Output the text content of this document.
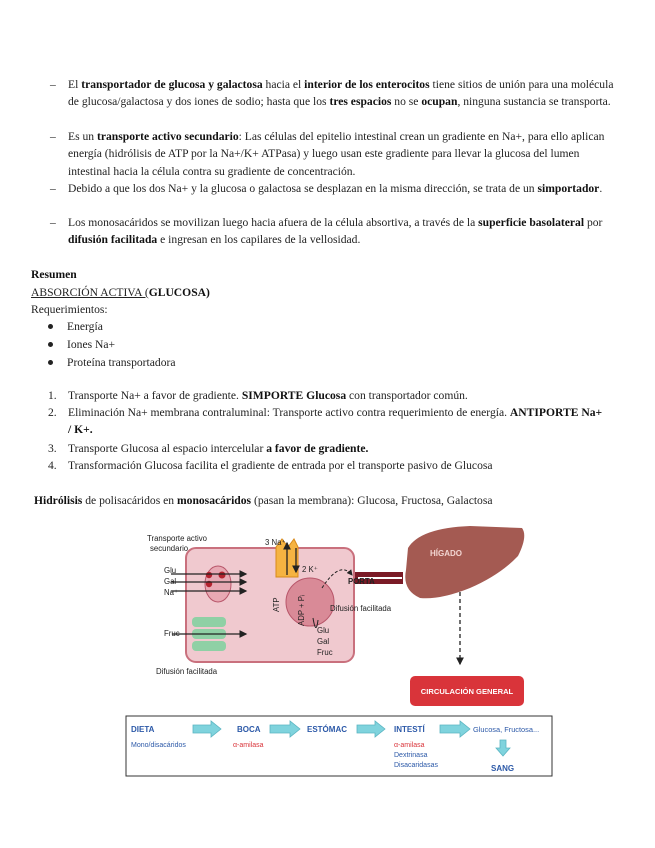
– El transportador de glucosa y galactosa hacia el interior de los enterocitos tiene sitios de unión para una molécula de glucosa/galactosa y dos iones de sodio; hasta que los tres espacios no se ocupan, ninguna sustancia se transporta.
– Es un transporte activo secundario: Las células del epitelio intestinal crean un gradiente en Na+, para ello aplican energía (hidrólisis de ATP por la Na+/K+ ATPasa) y luego usan este gradiente para llevar la glucosa del lumen intestinal hacia la célula contra su gradiente de concentración.
– Debido a que los dos Na+ y la glucosa o galactosa se desplazan en la misma dirección, se trata de un simportador.
– Los monosacáridos se movilizan luego hacia afuera de la célula absortiva, a través de la superficie basolateral por difusión facilitada e ingresan en los capilares de la vellosidad.
Resumen
ABSORCIÓN ACTIVA (GLUCOSA)
Requerimientos:
Energía
Iones Na+
Proteína transportadora
1. Transporte Na+ a favor de gradiente. SIMPORTE Glucosa con transportador común.
2. Eliminación Na+ membrana contraluminal: Transporte activo contra requerimiento de energía. ANTIPORTE Na+ / K+.
3. Transporte Glucosa al espacio intercelular a favor de gradiente.
4. Transformación Glucosa facilita el gradiente de entrada por el transporte pasivo de Glucosa
Hidrólisis de polisacáridos en monosacáridos (pasan la membrana): Glucosa, Fructosa, Galactosa
Transporte activo
secundario
Glu
Gal
Na⁺
Fruc
Difusión facilitada
3 Na⁺
2 K⁺
ATP ADP + Pᵢ
PORTA
Difusión facilitada
Glu
Gal
Fruc
HÍGADO
CIRCULACIÓN GENERAL
DIETA	BOCA	ESTÓMAC	INTESTÍ
SANG
Glucosa, Fructosa...
Mono/disacáridos
Disacaridasas
Dextrinasa
α-amilasa	α-amilasa
